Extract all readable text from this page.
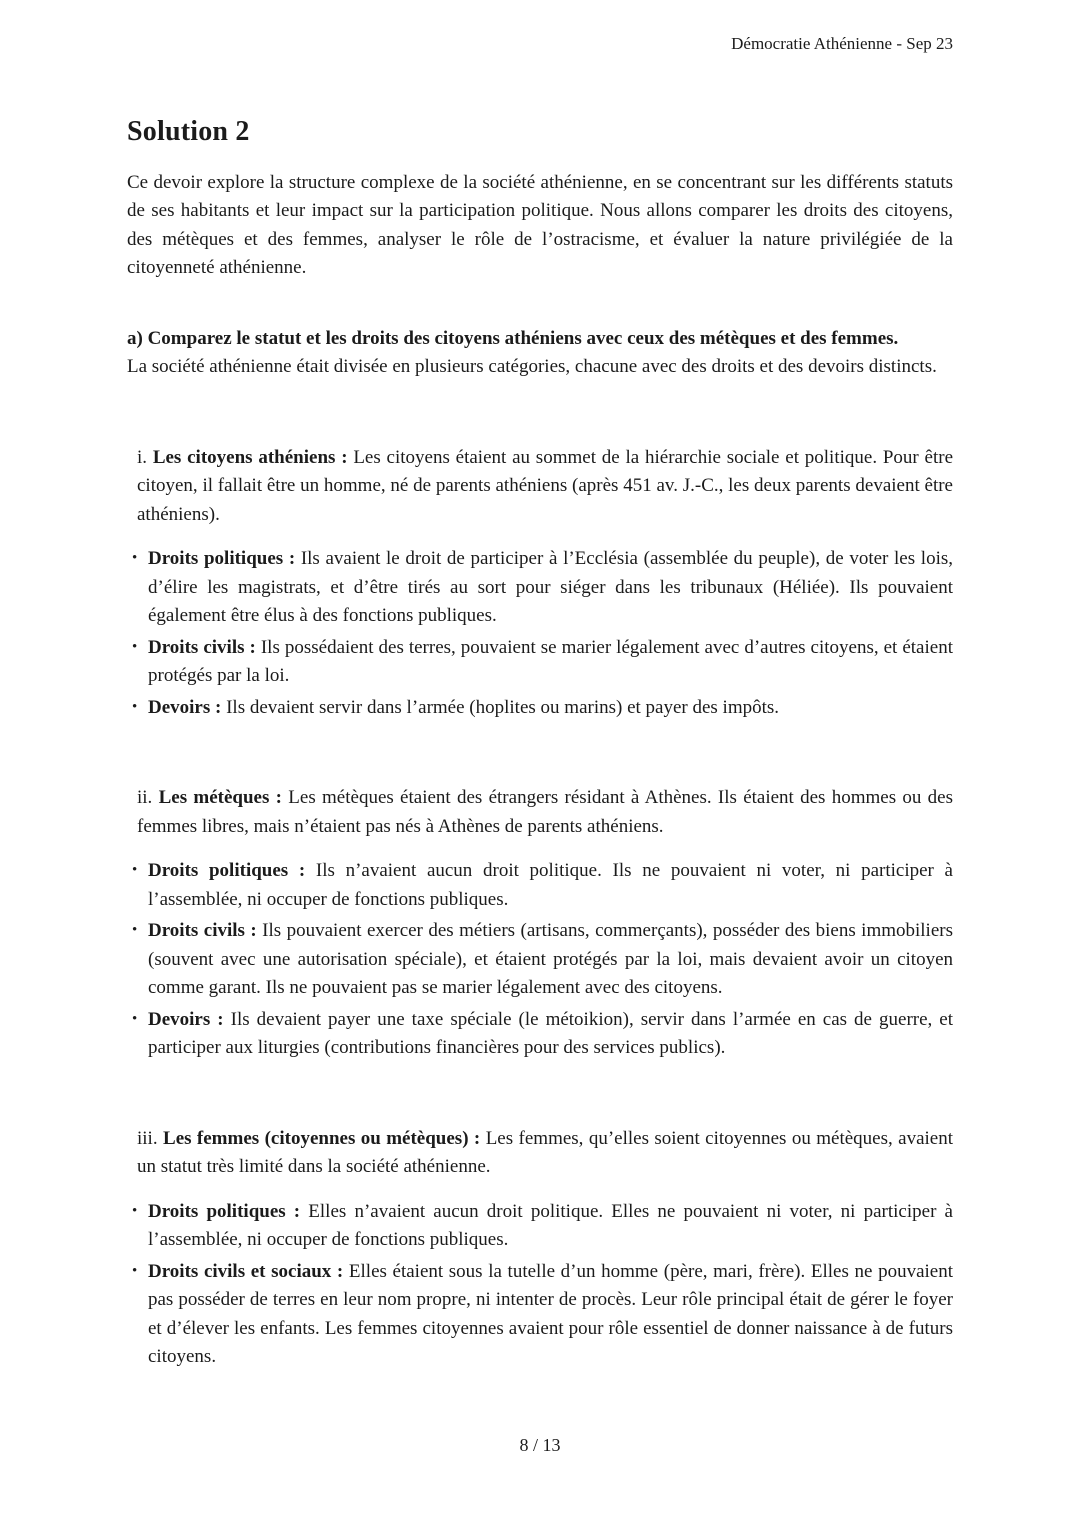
Démocratie Athénienne - Sep 23
Solution 2

Ce devoir explore la structure complexe de la société athénienne, en se concentrant sur les différents statuts de ses habitants et leur impact sur la participation politique. Nous allons comparer les droits des citoyens, des métèques et des femmes, analyser le rôle de l’ostracisme, et évaluer la nature privilégiée de la citoyenneté athénienne.

a) Comparez le statut et les droits des citoyens athéniens avec ceux des métèques et des femmes.

La société athénienne était divisée en plusieurs catégories, chacune avec des droits et des devoirs distincts.

i. Les citoyens athéniens : Les citoyens étaient au sommet de la hiérarchie sociale et politique. Pour être citoyen, il fallait être un homme, né de parents athéniens (après 451 av. J.-C., les deux parents devaient être athéniens).

• Droits politiques : Ils avaient le droit de participer à l’Ecclésia (assemblée du peuple), de voter les lois, d’élire les magistrats, et d’être tirés au sort pour siéger dans les tribunaux (Héliée). Ils pouvaient également être élus à des fonctions publiques.

• Droits civils : Ils possédaient des terres, pouvaient se marier légalement avec d’autres citoyens, et étaient protégés par la loi.

• Devoirs : Ils devaient servir dans l’armée (hoplites ou marins) et payer des impôts.

ii. Les métèques : Les métèques étaient des étrangers résidant à Athènes. Ils étaient des hommes ou des femmes libres, mais n’étaient pas nés à Athènes de parents athéniens.

• Droits politiques : Ils n’avaient aucun droit politique. Ils ne pouvaient ni voter, ni participer à l’assemblée, ni occuper de fonctions publiques.

• Droits civils : Ils pouvaient exercer des métiers (artisans, commerçants), posséder des biens immobiliers (souvent avec une autorisation spéciale), et étaient protégés par la loi, mais devaient avoir un citoyen comme garant. Ils ne pouvaient pas se marier légalement avec des citoyens.

• Devoirs : Ils devaient payer une taxe spéciale (le métoikion), servir dans l’armée en cas de guerre, et participer aux liturgies (contributions financières pour des services publics).

iii. Les femmes (citoyennes ou métèques) : Les femmes, qu’elles soient citoyennes ou métèques, avaient un statut très limité dans la société athénienne.

• Droits politiques : Elles n’avaient aucun droit politique. Elles ne pouvaient ni voter, ni participer à l’assemblée, ni occuper de fonctions publiques.

• Droits civils et sociaux : Elles étaient sous la tutelle d’un homme (père, mari, frère). Elles ne pouvaient pas posséder de terres en leur nom propre, ni intenter de procès. Leur rôle principal était de gérer le foyer et d’élever les enfants. Les femmes citoyennes avaient pour rôle essentiel de donner naissance à de futurs citoyens.

8 / 13
